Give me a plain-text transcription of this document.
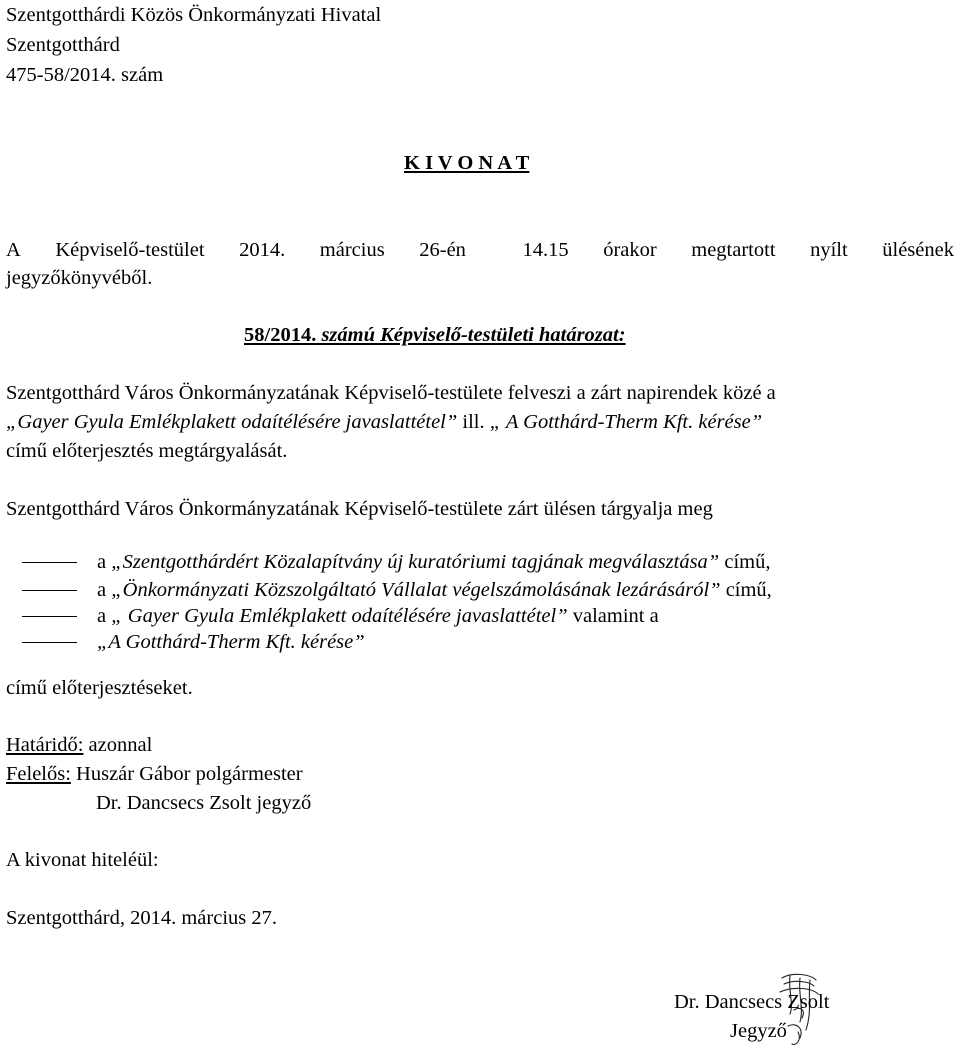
Szentgotthárdi Közös Önkormányzati Hivatal
Szentgotthárd
475-58/2014. szám
K I V O N A T
A Képviselő-testület 2014. március 26-én	14.15 órakor megtartott nyílt ülésének
jegyzőkönyvéből.
58/2014. számú Képviselő-testületi határozat:
Szentgotthárd Város Önkormányzatának Képviselő-testülete felveszi a zárt napirendek közé a
„Gayer Gyula Emlékplakett odaítélésére javaslattétel” ill. „ A Gotthárd-Therm Kft. kérése”
című előterjesztés megtárgyalását.
Szentgotthárd Város Önkormányzatának Képviselő-testülete zárt ülésen tárgyalja meg
a „Szentgotthárdért Közalapítvány új kuratóriumi tagjának megválasztása” című,
a „Önkormányzati Közszolgáltató Vállalat végelszámolásának lezárásáról” című,
a „ Gayer Gyula Emlékplakett odaítélésére javaslattétel” valamint a
„A Gotthárd-Therm Kft. kérése”
című előterjesztéseket.
Határidő: azonnal
Felelős: Huszár Gábor polgármester
Dr. Dancsecs Zsolt jegyző
A kivonat hiteléül:
Szentgotthárd, 2014. március 27.
Dr. Dancsecs Zsolt
Jegyző
